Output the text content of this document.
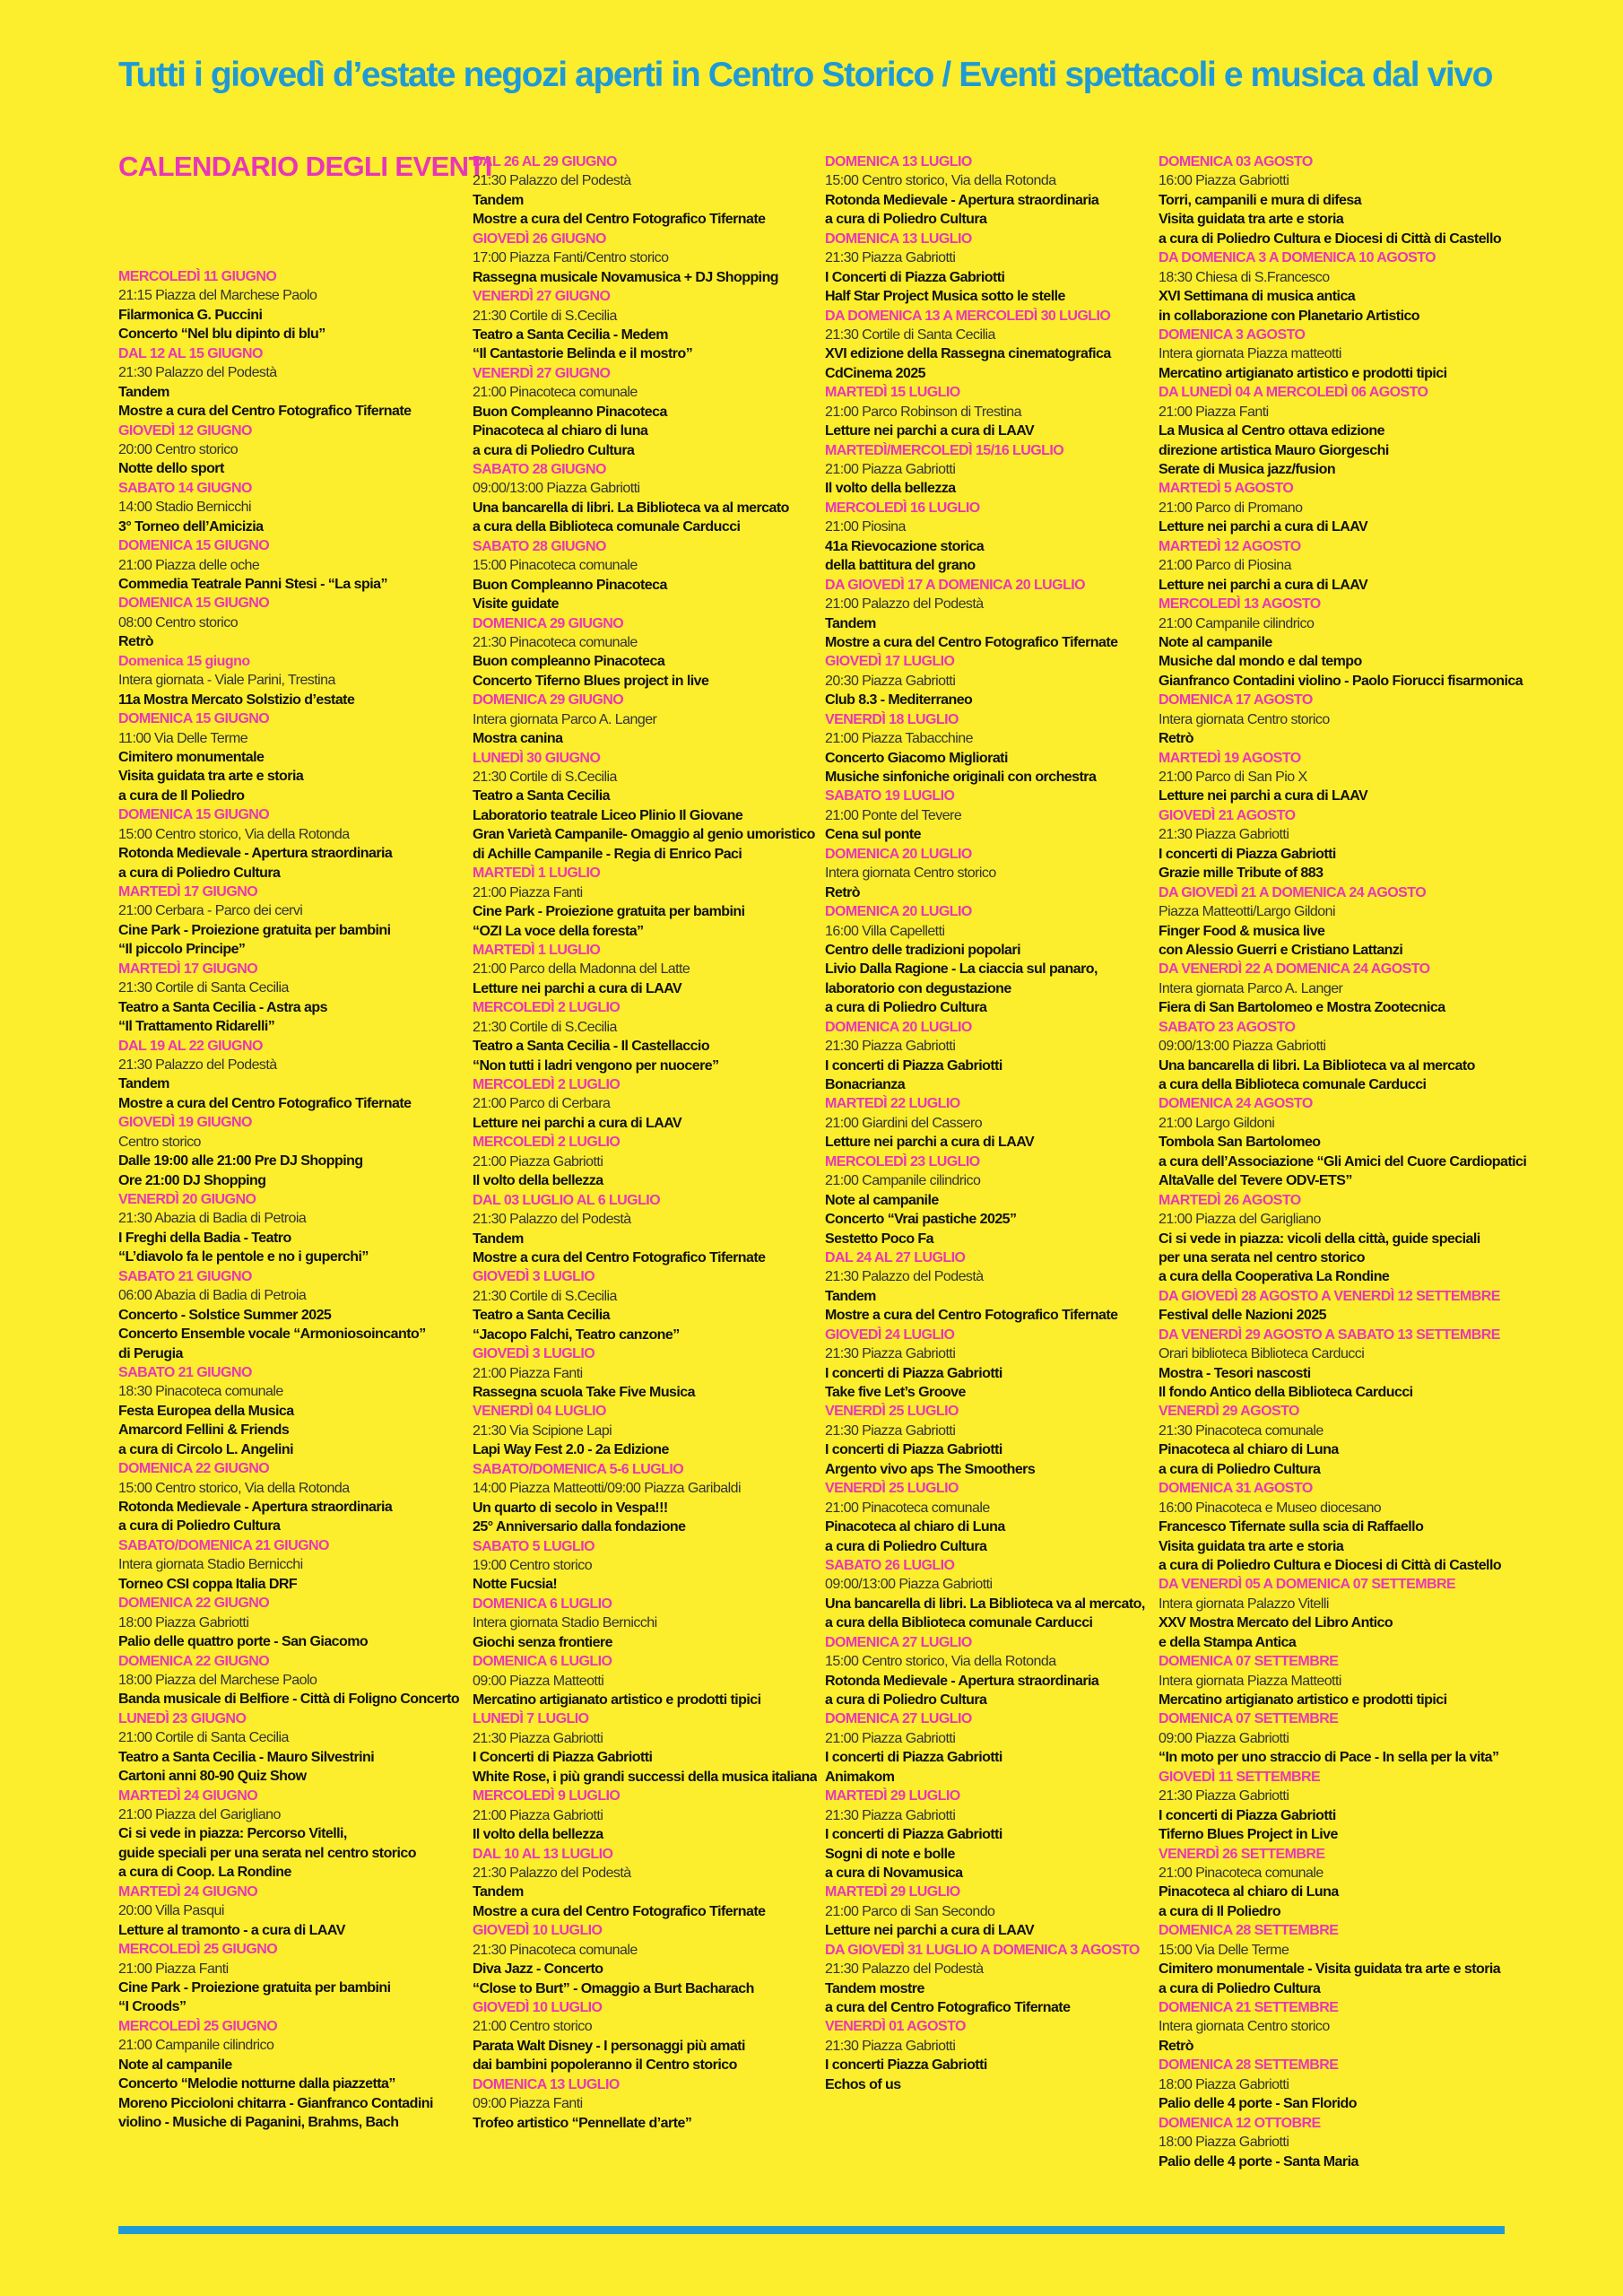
Tutti i giovedì d’estate negozi aperti in Centro Storico / Eventi spettacoli e musica dal vivo
CALENDARIO DEGLI EVENTI
MERCOLEDÌ 11 GIUGNO
21:15 Piazza del Marchese Paolo
Filarmonica G. Puccini
Concerto “Nel blu dipinto di blu”
DAL 12 AL 15 GIUGNO
21:30 Palazzo del Podestà
Tandem
Mostre a cura del Centro Fotografico Tifernate
GIOVEDÌ 12 GIUGNO
20:00 Centro storico
Notte dello sport
SABATO 14 GIUGNO
14:00 Stadio Bernicchi
3° Torneo dell’Amicizia
DOMENICA 15 GIUGNO
21:00 Piazza delle oche
Commedia Teatrale Panni Stesi - “La spia”
DOMENICA 15 GIUGNO
08:00 Centro storico
Retrò
Domenica 15 giugno
Intera giornata - Viale Parini, Trestina
11a Mostra Mercato Solstizio d’estate
DOMENICA 15 GIUGNO
11:00 Via Delle Terme
Cimitero monumentale
Visita guidata tra arte e storia
a cura de Il Poliedro
DOMENICA 15 GIUGNO
15:00 Centro storico, Via della Rotonda
Rotonda Medievale - Apertura straordinaria
a cura di Poliedro Cultura
MARTEDÌ 17 GIUGNO
21:00 Cerbara - Parco dei cervi
Cine Park - Proiezione gratuita per bambini
“Il piccolo Principe”
MARTEDÌ 17 GIUGNO
21:30 Cortile di Santa Cecilia
Teatro a Santa Cecilia - Astra aps
“Il Trattamento Ridarelli”
DAL 19 AL 22 GIUGNO
21:30 Palazzo del Podestà
Tandem
Mostre a cura del Centro Fotografico Tifernate
GIOVEDÌ 19 GIUGNO
Centro storico
Dalle 19:00 alle 21:00 Pre DJ Shopping
Ore 21:00 DJ Shopping
VENERDÌ 20 GIUGNO
21:30 Abazia di Badia di Petroia
I Freghi della Badia - Teatro
“L’diavolo fa le pentole e no i guperchi”
SABATO 21 GIUGNO
06:00 Abazia di Badia di Petroia
Concerto - Solstice Summer 2025
Concerto Ensemble vocale “Armoniosoincanto”
di Perugia
SABATO 21 GIUGNO
18:30 Pinacoteca comunale
Festa Europea della Musica
Amarcord Fellini & Friends
a cura di Circolo L. Angelini
DOMENICA 22 GIUGNO
15:00 Centro storico, Via della Rotonda
Rotonda Medievale - Apertura straordinaria
a cura di Poliedro Cultura
SABATO/DOMENICA 21 GIUGNO
Intera giornata Stadio Bernicchi
Torneo CSI coppa Italia DRF
DOMENICA 22 GIUGNO
18:00 Piazza Gabriotti
Palio delle quattro porte - San Giacomo
DOMENICA 22 GIUGNO
18:00 Piazza del Marchese Paolo
Banda musicale di Belfiore - Città di Foligno Concerto
LUNEDÌ 23 GIUGNO
21:00 Cortile di Santa Cecilia
Teatro a Santa Cecilia - Mauro Silvestrini
Cartoni anni 80-90 Quiz Show
MARTEDÌ 24 GIUGNO
21:00 Piazza del Garigliano
Ci si vede in piazza: Percorso Vitelli,
guide speciali per una serata nel centro storico
a cura di Coop. La Rondine
MARTEDÌ 24 GIUGNO
20:00 Villa Pasqui
Letture al tramonto - a cura di LAAV
MERCOLEDÌ 25 GIUGNO
21:00 Piazza Fanti
Cine Park - Proiezione gratuita per bambini
“I Croods”
MERCOLEDÌ 25 GIUGNO
21:00 Campanile cilindrico
Note al campanile
Concerto “Melodie notturne dalla piazzetta”
Moreno Piccioloni chitarra - Gianfranco Contadini
violino - Musiche di Paganini, Brahms, Bach
DAL 26 AL 29 GIUGNO
21:30 Palazzo del Podestà
Tandem
Mostre a cura del Centro Fotografico Tifernate
GIOVEDÌ 26 GIUGNO
17:00 Piazza Fanti/Centro storico
Rassegna musicale Novamusica + DJ Shopping
VENERDÌ 27 GIUGNO
21:30 Cortile di S.Cecilia
Teatro a Santa Cecilia - Medem
“Il Cantastorie Belinda e il mostro”
VENERDÌ 27 GIUGNO
21:00 Pinacoteca comunale
Buon Compleanno Pinacoteca
Pinacoteca al chiaro di luna
a cura di Poliedro Cultura
SABATO 28 GIUGNO
09:00/13:00 Piazza Gabriotti
Una bancarella di libri. La Biblioteca va al mercato
a cura della Biblioteca comunale Carducci
SABATO 28 GIUGNO
15:00 Pinacoteca comunale
Buon Compleanno Pinacoteca
Visite guidate
DOMENICA 29 GIUGNO
21:30 Pinacoteca comunale
Buon compleanno Pinacoteca
Concerto Tiferno Blues project in live
DOMENICA 29 GIUGNO
Intera giornata Parco A. Langer
Mostra canina
LUNEDÌ 30 GIUGNO
21:30 Cortile di S.Cecilia
Teatro a Santa Cecilia
Laboratorio teatrale Liceo Plinio Il Giovane
Gran Varietà Campanile- Omaggio al genio umoristico
di Achille Campanile - Regia di Enrico Paci
MARTEDÌ 1 LUGLIO
21:00 Piazza Fanti
Cine Park - Proiezione gratuita per bambini
“OZI La voce della foresta”
MARTEDÌ 1 LUGLIO
21:00 Parco della Madonna del Latte
Letture nei parchi a cura di LAAV
MERCOLEDÌ 2 LUGLIO
21:30 Cortile di S.Cecilia
Teatro a Santa Cecilia - Il Castellaccio
“Non tutti i ladri vengono per nuocere”
MERCOLEDÌ 2 LUGLIO
21:00 Parco di Cerbara
Letture nei parchi a cura di LAAV
MERCOLEDÌ 2 LUGLIO
21:00 Piazza Gabriotti
Il volto della bellezza
DAL 03 LUGLIO AL 6 LUGLIO
21:30 Palazzo del Podestà
Tandem
Mostre a cura del Centro Fotografico Tifernate
GIOVEDÌ 3 LUGLIO
21:30 Cortile di S.Cecilia
Teatro a Santa Cecilia
“Jacopo Falchi, Teatro canzone”
GIOVEDÌ 3 LUGLIO
21:00 Piazza Fanti
Rassegna scuola Take Five Musica
VENERDÌ 04 LUGLIO
21:30 Via Scipione Lapi
Lapi Way Fest 2.0 - 2a Edizione
SABATO/DOMENICA 5-6 LUGLIO
14:00 Piazza Matteotti/09:00 Piazza Garibaldi
Un quarto di secolo in Vespa!!!
25° Anniversario dalla fondazione
SABATO 5 LUGLIO
19:00 Centro storico
Notte Fucsia!
DOMENICA 6 LUGLIO
Intera giornata Stadio Bernicchi
Giochi senza frontiere
DOMENICA 6 LUGLIO
09:00 Piazza Matteotti
Mercatino artigianato artistico e prodotti tipici
LUNEDÌ 7 LUGLIO
21:30 Piazza Gabriotti
I Concerti di Piazza Gabriotti
White Rose, i più grandi successi della musica italiana
MERCOLEDÌ 9 LUGLIO
21:00 Piazza Gabriotti
Il volto della bellezza
DAL 10 AL 13 LUGLIO
21:30 Palazzo del Podestà
Tandem
Mostre a cura del Centro Fotografico Tifernate
GIOVEDÌ 10 LUGLIO
21:30 Pinacoteca comunale
Diva Jazz - Concerto
“Close to Burt” - Omaggio a Burt Bacharach
GIOVEDÌ 10 LUGLIO
21:00 Centro storico
Parata Walt Disney - I personaggi più amati
dai bambini popoleranno il Centro storico
DOMENICA 13 LUGLIO
09:00 Piazza Fanti
Trofeo artistico “Pennellate d’arte”
DOMENICA 13 LUGLIO
15:00 Centro storico, Via della Rotonda
Rotonda Medievale - Apertura straordinaria
a cura di Poliedro Cultura
DOMENICA 13 LUGLIO
21:30 Piazza Gabriotti
I Concerti di Piazza Gabriotti
Half Star Project Musica sotto le stelle
DA DOMENICA 13 A MERCOLEDÌ 30 LUGLIO
21:30 Cortile di Santa Cecilia
XVI edizione della Rassegna cinematografica
CdCinema 2025
MARTEDÌ 15 LUGLIO
21:00 Parco Robinson di Trestina
Letture nei parchi a cura di LAAV
MARTEDÌ/MERCOLEDÌ 15/16 LUGLIO
21:00 Piazza Gabriotti
Il volto della bellezza
MERCOLEDÌ 16 LUGLIO
21:00 Piosina
41a Rievocazione storica
della battitura del grano
DA GIOVEDÌ 17 A DOMENICA 20 LUGLIO
21:00 Palazzo del Podestà
Tandem
Mostre a cura del Centro Fotografico Tifernate
GIOVEDÌ 17 LUGLIO
20:30 Piazza Gabriotti
Club 8.3 - Mediterraneo
VENERDÌ 18 LUGLIO
21:00 Piazza Tabacchine
Concerto Giacomo Migliorati
Musiche sinfoniche originali con orchestra
SABATO 19 LUGLIO
21:00 Ponte del Tevere
Cena sul ponte
DOMENICA 20 LUGLIO
Intera giornata Centro storico
Retrò
DOMENICA 20 LUGLIO
16:00 Villa Capelletti
Centro delle tradizioni popolari
Livio Dalla Ragione - La ciaccia sul panaro,
laboratorio con degustazione
a cura di Poliedro Cultura
DOMENICA 20 LUGLIO
21:30 Piazza Gabriotti
I concerti di Piazza Gabriotti
Bonacrianza
MARTEDÌ 22 LUGLIO
21:00 Giardini del Cassero
Letture nei parchi a cura di LAAV
MERCOLEDÌ 23 LUGLIO
21:00 Campanile cilindrico
Note al campanile
Concerto “Vrai pastiche 2025”
Sestetto Poco Fa
DAL 24 AL 27 LUGLIO
21:30 Palazzo del Podestà
Tandem
Mostre a cura del Centro Fotografico Tifernate
GIOVEDÌ 24 LUGLIO
21:30 Piazza Gabriotti
I concerti di Piazza Gabriotti
Take five Let’s Groove
VENERDÌ 25 LUGLIO
21:30 Piazza Gabriotti
I concerti di Piazza Gabriotti
Argento vivo aps The Smoothers
VENERDÌ 25 LUGLIO
21:00 Pinacoteca comunale
Pinacoteca al chiaro di Luna
a cura di Poliedro Cultura
SABATO 26 LUGLIO
09:00/13:00 Piazza Gabriotti
Una bancarella di libri. La Biblioteca va al mercato,
a cura della Biblioteca comunale Carducci
DOMENICA 27 LUGLIO
15:00 Centro storico, Via della Rotonda
Rotonda Medievale - Apertura straordinaria
a cura di Poliedro Cultura
DOMENICA 27 LUGLIO
21:00 Piazza Gabriotti
I concerti di Piazza Gabriotti
Animakom
MARTEDÌ 29 LUGLIO
21:30 Piazza Gabriotti
I concerti di Piazza Gabriotti
Sogni di note e bolle
a cura di Novamusica
MARTEDÌ 29 LUGLIO
21:00 Parco di San Secondo
Letture nei parchi a cura di LAAV
DA GIOVEDÌ 31 LUGLIO A DOMENICA 3 AGOSTO
21:30 Palazzo del Podestà
Tandem mostre
a cura del Centro Fotografico Tifernate
VENERDÌ 01 AGOSTO
21:30 Piazza Gabriotti
I concerti Piazza Gabriotti
Echos of us
DOMENICA 03 AGOSTO
16:00 Piazza Gabriotti
Torri, campanili e mura di difesa
Visita guidata tra arte e storia
a cura di Poliedro Cultura e Diocesi di Città di Castello
DA DOMENICA 3 A DOMENICA 10 AGOSTO
18:30 Chiesa di S.Francesco
XVI Settimana di musica antica
in collaborazione con Planetario Artistico
DOMENICA 3 AGOSTO
Intera giornata Piazza matteotti
Mercatino artigianato artistico e prodotti tipici
DA LUNEDÌ 04 A MERCOLEDÌ 06 AGOSTO
21:00 Piazza Fanti
La Musica al Centro ottava edizione
direzione artistica Mauro Giorgeschi
Serate di Musica jazz/fusion
MARTEDÌ 5 AGOSTO
21:00 Parco di Promano
Letture nei parchi a cura di LAAV
MARTEDÌ 12 AGOSTO
21:00 Parco di Piosina
Letture nei parchi a cura di LAAV
MERCOLEDÌ 13 AGOSTO
21:00 Campanile cilindrico
Note al campanile
Musiche dal mondo e dal tempo
Gianfranco Contadini violino - Paolo Fiorucci fisarmonica
DOMENICA 17 AGOSTO
Intera giornata Centro storico
Retrò
MARTEDÌ 19 AGOSTO
21:00 Parco di San Pio X
Letture nei parchi a cura di LAAV
GIOVEDÌ 21 AGOSTO
21:30 Piazza Gabriotti
I concerti di Piazza Gabriotti
Grazie mille Tribute of 883
DA GIOVEDÌ 21 A DOMENICA 24 AGOSTO
Piazza Matteotti/Largo Gildoni
Finger Food & musica live
con Alessio Guerri e Cristiano Lattanzi
DA VENERDÌ 22 A DOMENICA 24 AGOSTO
Intera giornata Parco A. Langer
Fiera di San Bartolomeo e Mostra Zootecnica
SABATO 23 AGOSTO
09:00/13:00 Piazza Gabriotti
Una bancarella di libri. La Biblioteca va al mercato
a cura della Biblioteca comunale Carducci
DOMENICA 24 AGOSTO
21:00 Largo Gildoni
Tombola San Bartolomeo
a cura dell’Associazione “Gli Amici del Cuore Cardiopatici
AltaValle del Tevere ODV-ETS”
MARTEDÌ 26 AGOSTO
21:00 Piazza del Garigliano
Ci si vede in piazza: vicoli della città, guide speciali
per una serata nel centro storico
a cura della Cooperativa La Rondine
DA GIOVEDÌ 28 AGOSTO A VENERDÌ 12 SETTEMBRE
Festival delle Nazioni 2025
DA VENERDÌ 29 AGOSTO A SABATO 13 SETTEMBRE
Orari biblioteca Biblioteca Carducci
Mostra - Tesori nascosti
Il fondo Antico della Biblioteca Carducci
VENERDÌ 29 AGOSTO
21:30 Pinacoteca comunale
Pinacoteca al chiaro di Luna
a cura di Poliedro Cultura
DOMENICA 31 AGOSTO
16:00 Pinacoteca e Museo diocesano
Francesco Tifernate sulla scia di Raffaello
Visita guidata tra arte e storia
a cura di Poliedro Cultura e Diocesi di Città di Castello
DA VENERDÌ 05 A DOMENICA 07 SETTEMBRE
Intera giornata Palazzo Vitelli
XXV Mostra Mercato del Libro Antico
e della Stampa Antica
DOMENICA 07 SETTEMBRE
Intera giornata Piazza Matteotti
Mercatino artigianato artistico e prodotti tipici
DOMENICA 07 SETTEMBRE
09:00 Piazza Gabriotti
“In moto per uno straccio di Pace - In sella per la vita”
GIOVEDÌ 11 SETTEMBRE
21:30 Piazza Gabriotti
I concerti di Piazza Gabriotti
Tiferno Blues Project in Live
VENERDÌ 26 SETTEMBRE
21:00 Pinacoteca comunale
Pinacoteca al chiaro di Luna
a cura di Il Poliedro
DOMENICA 28 SETTEMBRE
15:00 Via Delle Terme
Cimitero monumentale - Visita guidata tra arte e storia
a cura di Poliedro Cultura
DOMENICA 21 SETTEMBRE
Intera giornata Centro storico
Retrò
DOMENICA 28 SETTEMBRE
18:00 Piazza Gabriotti
Palio delle 4 porte - San Florido
DOMENICA 12 OTTOBRE
18:00 Piazza Gabriotti
Palio delle 4 porte - Santa Maria
